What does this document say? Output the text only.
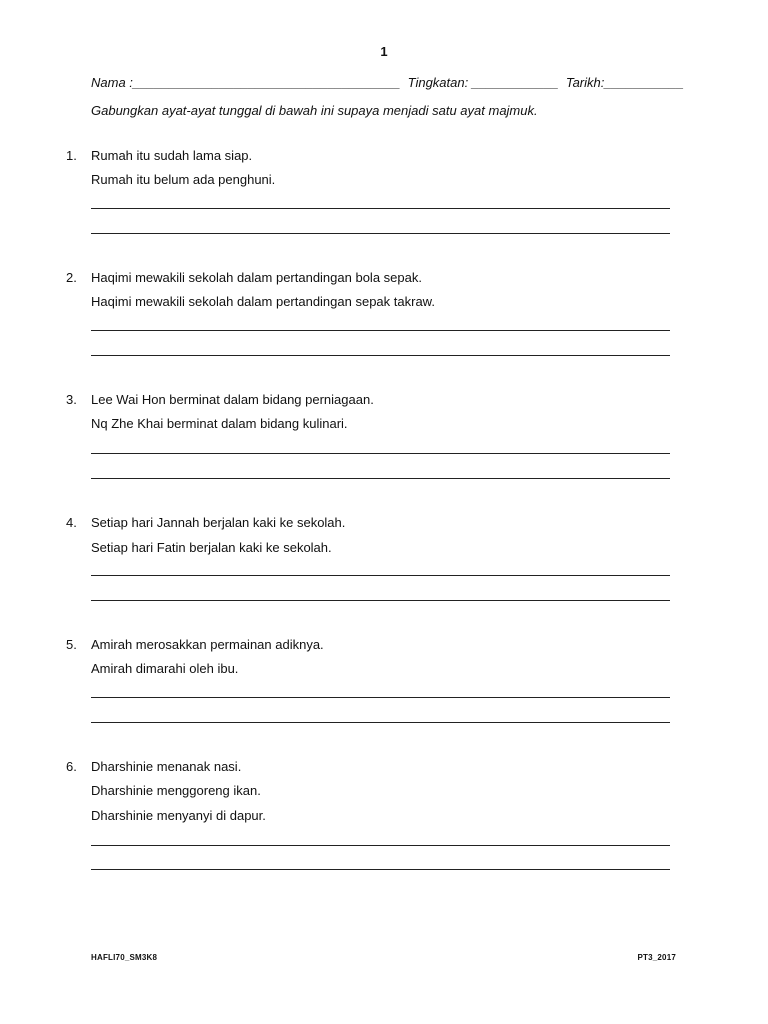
1
Nama :_____________________________________  Tingkatan: ____________  Tarikh:___________
Gabungkan ayat-ayat tunggal di bawah ini supaya menjadi satu ayat majmuk.
1. Rumah itu sudah lama siap.
Rumah itu belum ada penghuni.
2. Haqimi mewakili sekolah dalam pertandingan bola sepak.
Haqimi mewakili sekolah dalam pertandingan sepak takraw.
3. Lee Wai Hon berminat dalam bidang perniagaan.
Nq Zhe Khai berminat dalam bidang kulinari.
4. Setiap hari Jannah berjalan kaki ke sekolah.
Setiap hari Fatin berjalan kaki ke sekolah.
5. Amirah merosakkan permainan adiknya.
Amirah dimarahi oleh ibu.
6. Dharshinie menanak nasi.
Dharshinie menggoreng ikan.
Dharshinie menyanyi di dapur.
HAFLI70_SM3K8	PT3_2017
